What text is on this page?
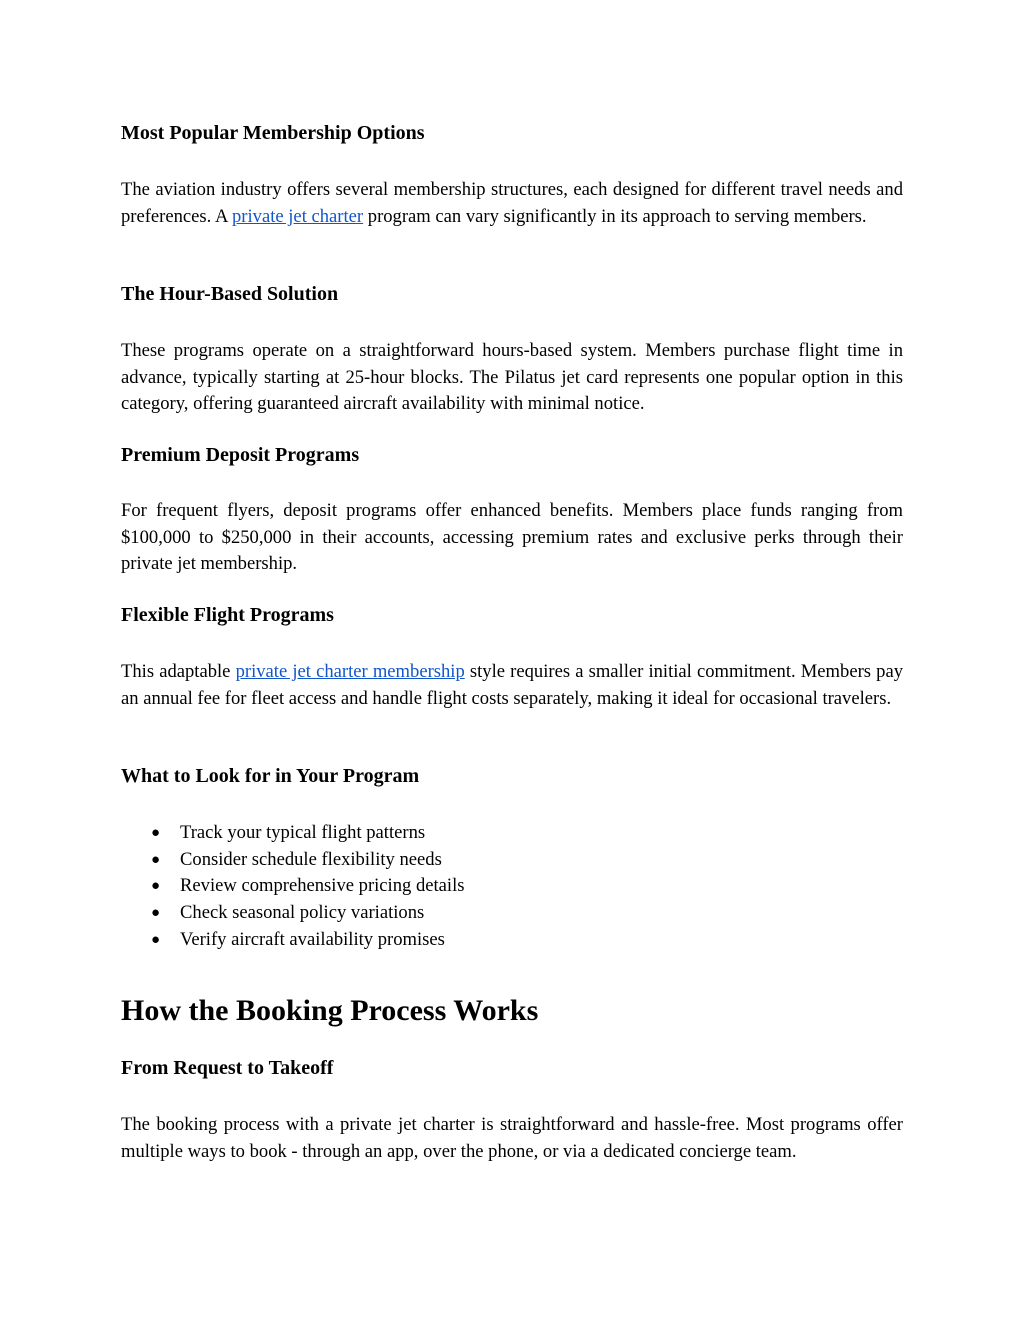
Most Popular Membership Options

The aviation industry offers several membership structures, each designed for different travel needs and preferences. A private jet charter program can vary significantly in its approach to serving members.

The Hour-Based Solution

These programs operate on a straightforward hours-based system. Members purchase flight time in advance, typically starting at 25-hour blocks. The Pilatus jet card represents one popular option in this category, offering guaranteed aircraft availability with minimal notice.

Premium Deposit Programs

For frequent flyers, deposit programs offer enhanced benefits. Members place funds ranging from $100,000 to $250,000 in their accounts, accessing premium rates and exclusive perks through their private jet membership.

Flexible Flight Programs

This adaptable private jet charter membership style requires a smaller initial commitment. Members pay an annual fee for fleet access and handle flight costs separately, making it ideal for occasional travelers.

What to Look for in Your Program
● Track your typical flight patterns
● Consider schedule flexibility needs
● Review comprehensive pricing details
● Check seasonal policy variations
● Verify aircraft availability promises
How the Booking Process Works
From Request to Takeoff

The booking process with a private jet charter is straightforward and hassle-free. Most programs offer multiple ways to book - through an app, over the phone, or via a dedicated concierge team.
